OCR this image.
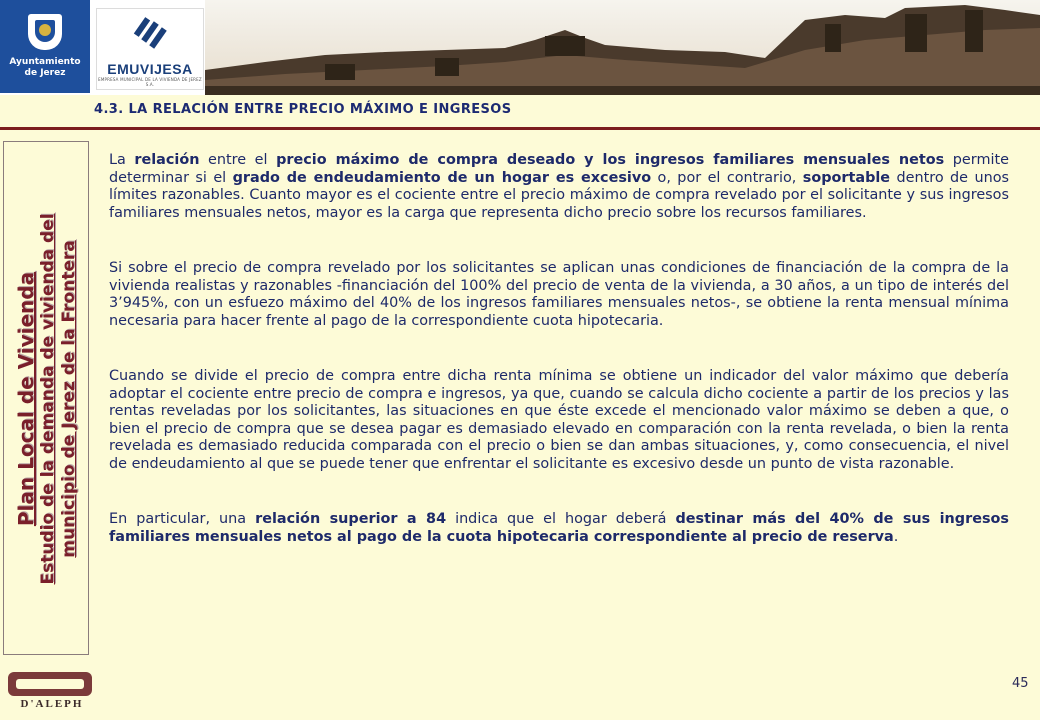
Ayuntamiento
de Jerez	EMUVIJESA
EMPRESA MUNICIPAL DE LA VIVIENDA DE JEREZ S.A.
4.3. LA RELACIÓN ENTRE PRECIO MÁXIMO E INGRESOS
Plan Local de Vivienda Estudio de la demanda de vivienda del municipio de Jerez de la Frontera

La relación entre el precio máximo de compra deseado y los ingresos familiares mensuales netos permite determinar si el grado de endeudamiento de un hogar es excesivo o, por el contrario, soportable dentro de unos límites razonables. Cuanto mayor es el cociente entre el precio máximo de compra revelado por el solicitante y sus ingresos familiares mensuales netos, mayor es la carga que representa dicho precio sobre los recursos familiares.

Si sobre el precio de compra revelado por los solicitantes se aplican unas condiciones de financiación de la compra de la vivienda realistas y razonables -financiación del 100% del precio de venta de la vivienda, a 30 años, a un tipo de interés del 3’945%, con un esfuezo máximo del 40% de los ingresos familiares mensuales netos-, se obtiene la renta mensual mínima necesaria para hacer frente al pago de la correspondiente cuota hipotecaria.

Cuando se divide el precio de compra entre dicha renta mínima se obtiene un indicador del valor máximo que debería adoptar el cociente entre precio de compra e ingresos, ya que, cuando se calcula dicho cociente a partir de los precios y las rentas reveladas por los solicitantes, las situaciones en que éste excede el mencionado valor máximo se deben a que, o bien el precio de compra que se desea pagar es demasiado elevado en comparación con la renta revelada, o bien la renta revelada es demasiado reducida comparada con el precio o bien se dan ambas situaciones, y, como consecuencia, el nivel de endeudamiento al que se puede tener que enfrentar el solicitante es excesivo desde un punto de vista razonable.

En particular, una relación superior a 84 indica que el hogar deberá destinar más del 40% de sus ingresos familiares mensuales netos al pago de la cuota hipotecaria correspondiente al precio de reserva.

D'ALEPH
45
